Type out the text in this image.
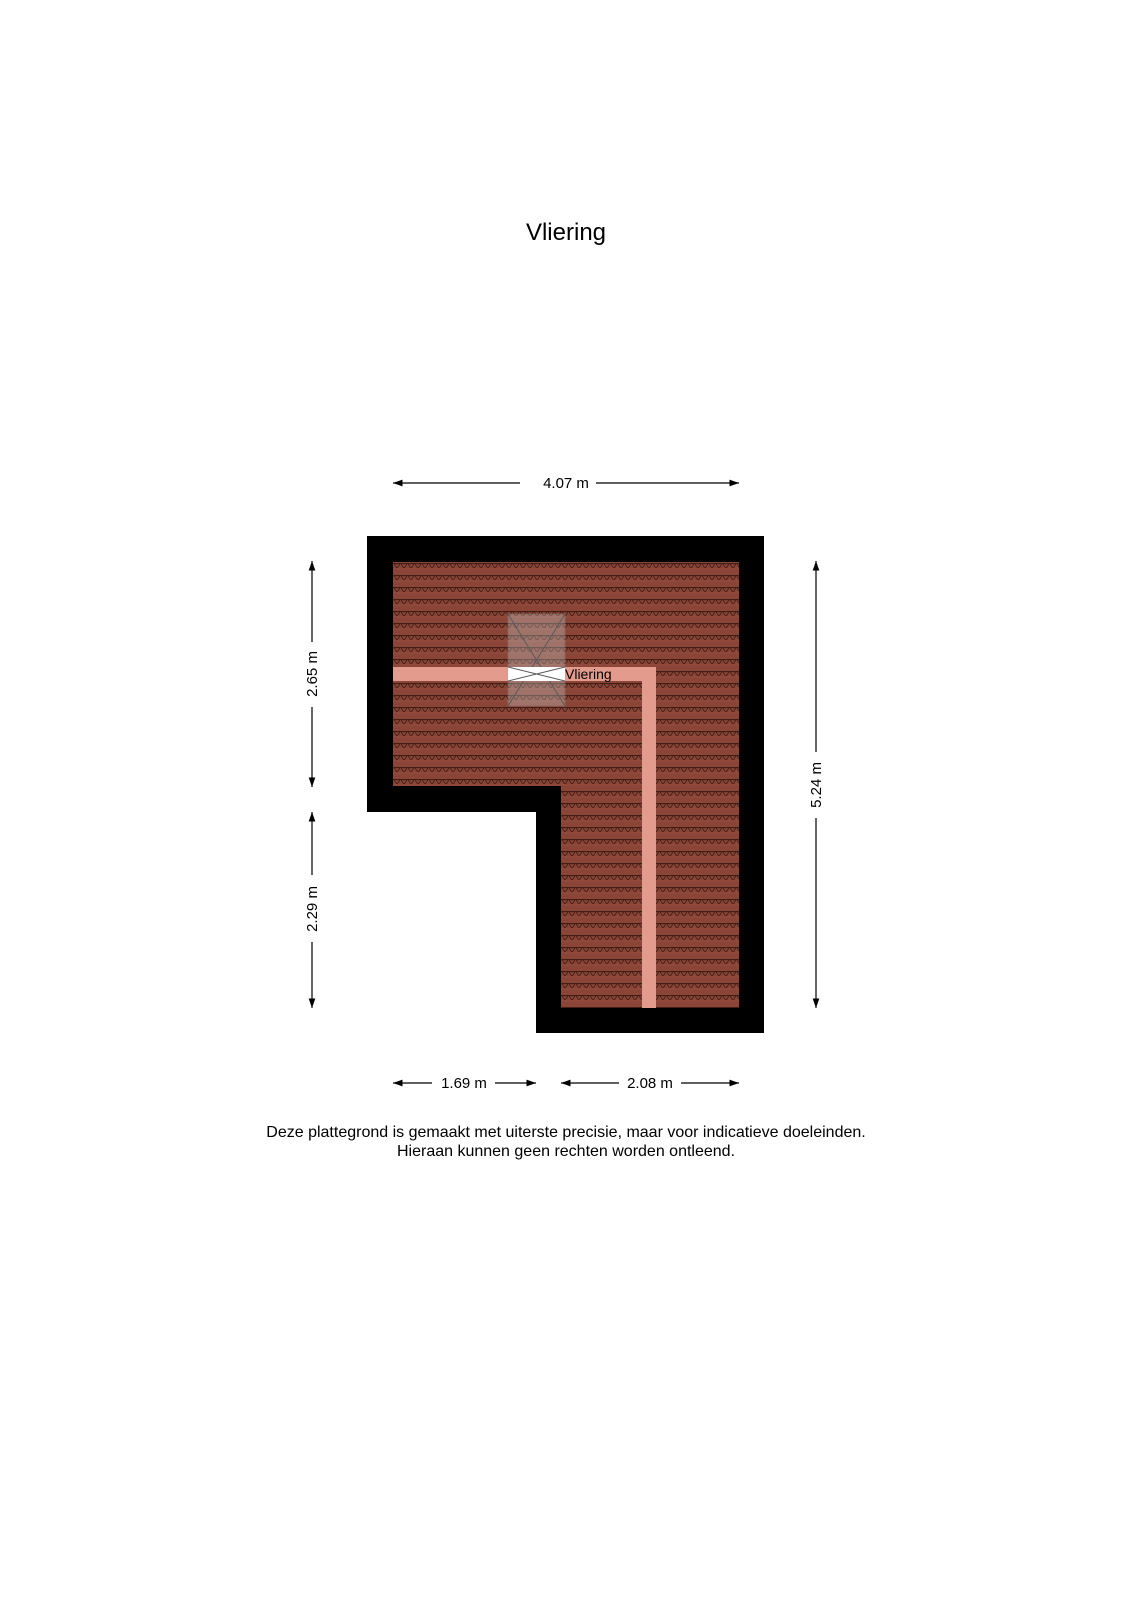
Vliering
Vliering
4.07 m
2.65 m
2.29 m
5.24 m
1.69 m	2.08 m
Deze plattegrond is gemaakt met uiterste precisie, maar voor indicatieve doeleinden.
Hieraan kunnen geen rechten worden ontleend.
